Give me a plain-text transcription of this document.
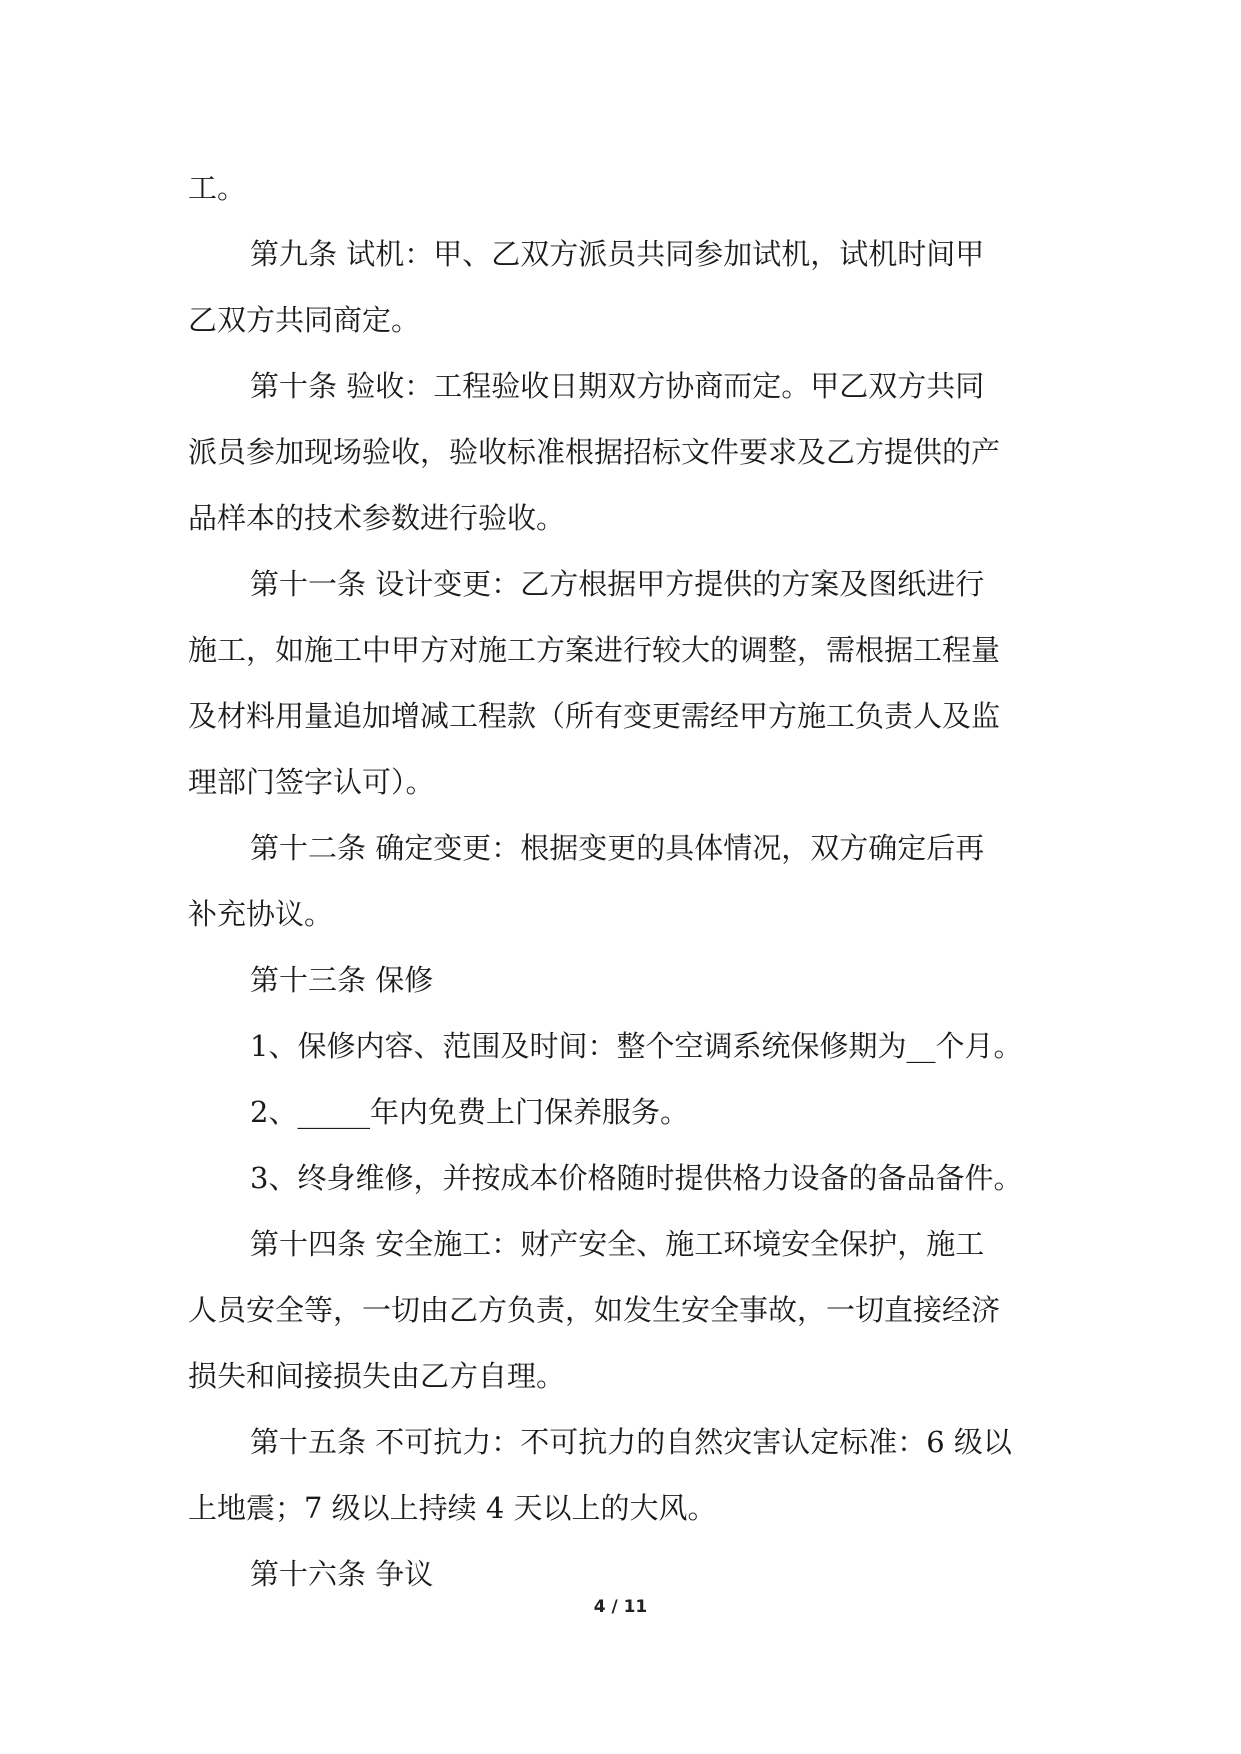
工。
第九条 试机：甲、乙双方派员共同参加试机，试机时间甲
乙双方共同商定。
第十条 验收：工程验收日期双方协商而定。甲乙双方共同
派员参加现场验收，验收标准根据招标文件要求及乙方提供的产
品样本的技术参数进行验收。
第十一条 设计变更：乙方根据甲方提供的方案及图纸进行
施工，如施工中甲方对施工方案进行较大的调整，需根据工程量
及材料用量追加增减工程款（所有变更需经甲方施工负责人及监
理部门签字认可）。
第十二条 确定变更：根据变更的具体情况，双方确定后再
补充协议。
第十三条 保修
1、保修内容、范围及时间：整个空调系统保修期为__个月。
2、_____年内免费上门保养服务。
3、终身维修，并按成本价格随时提供格力设备的备品备件。
第十四条 安全施工：财产安全、施工环境安全保护，施工
人员安全等，一切由乙方负责，如发生安全事故，一切直接经济
损失和间接损失由乙方自理。
第十五条 不可抗力：不可抗力的自然灾害认定标准：6 级以
上地震；7 级以上持续 4 天以上的大风。
第十六条 争议
4 / 11
